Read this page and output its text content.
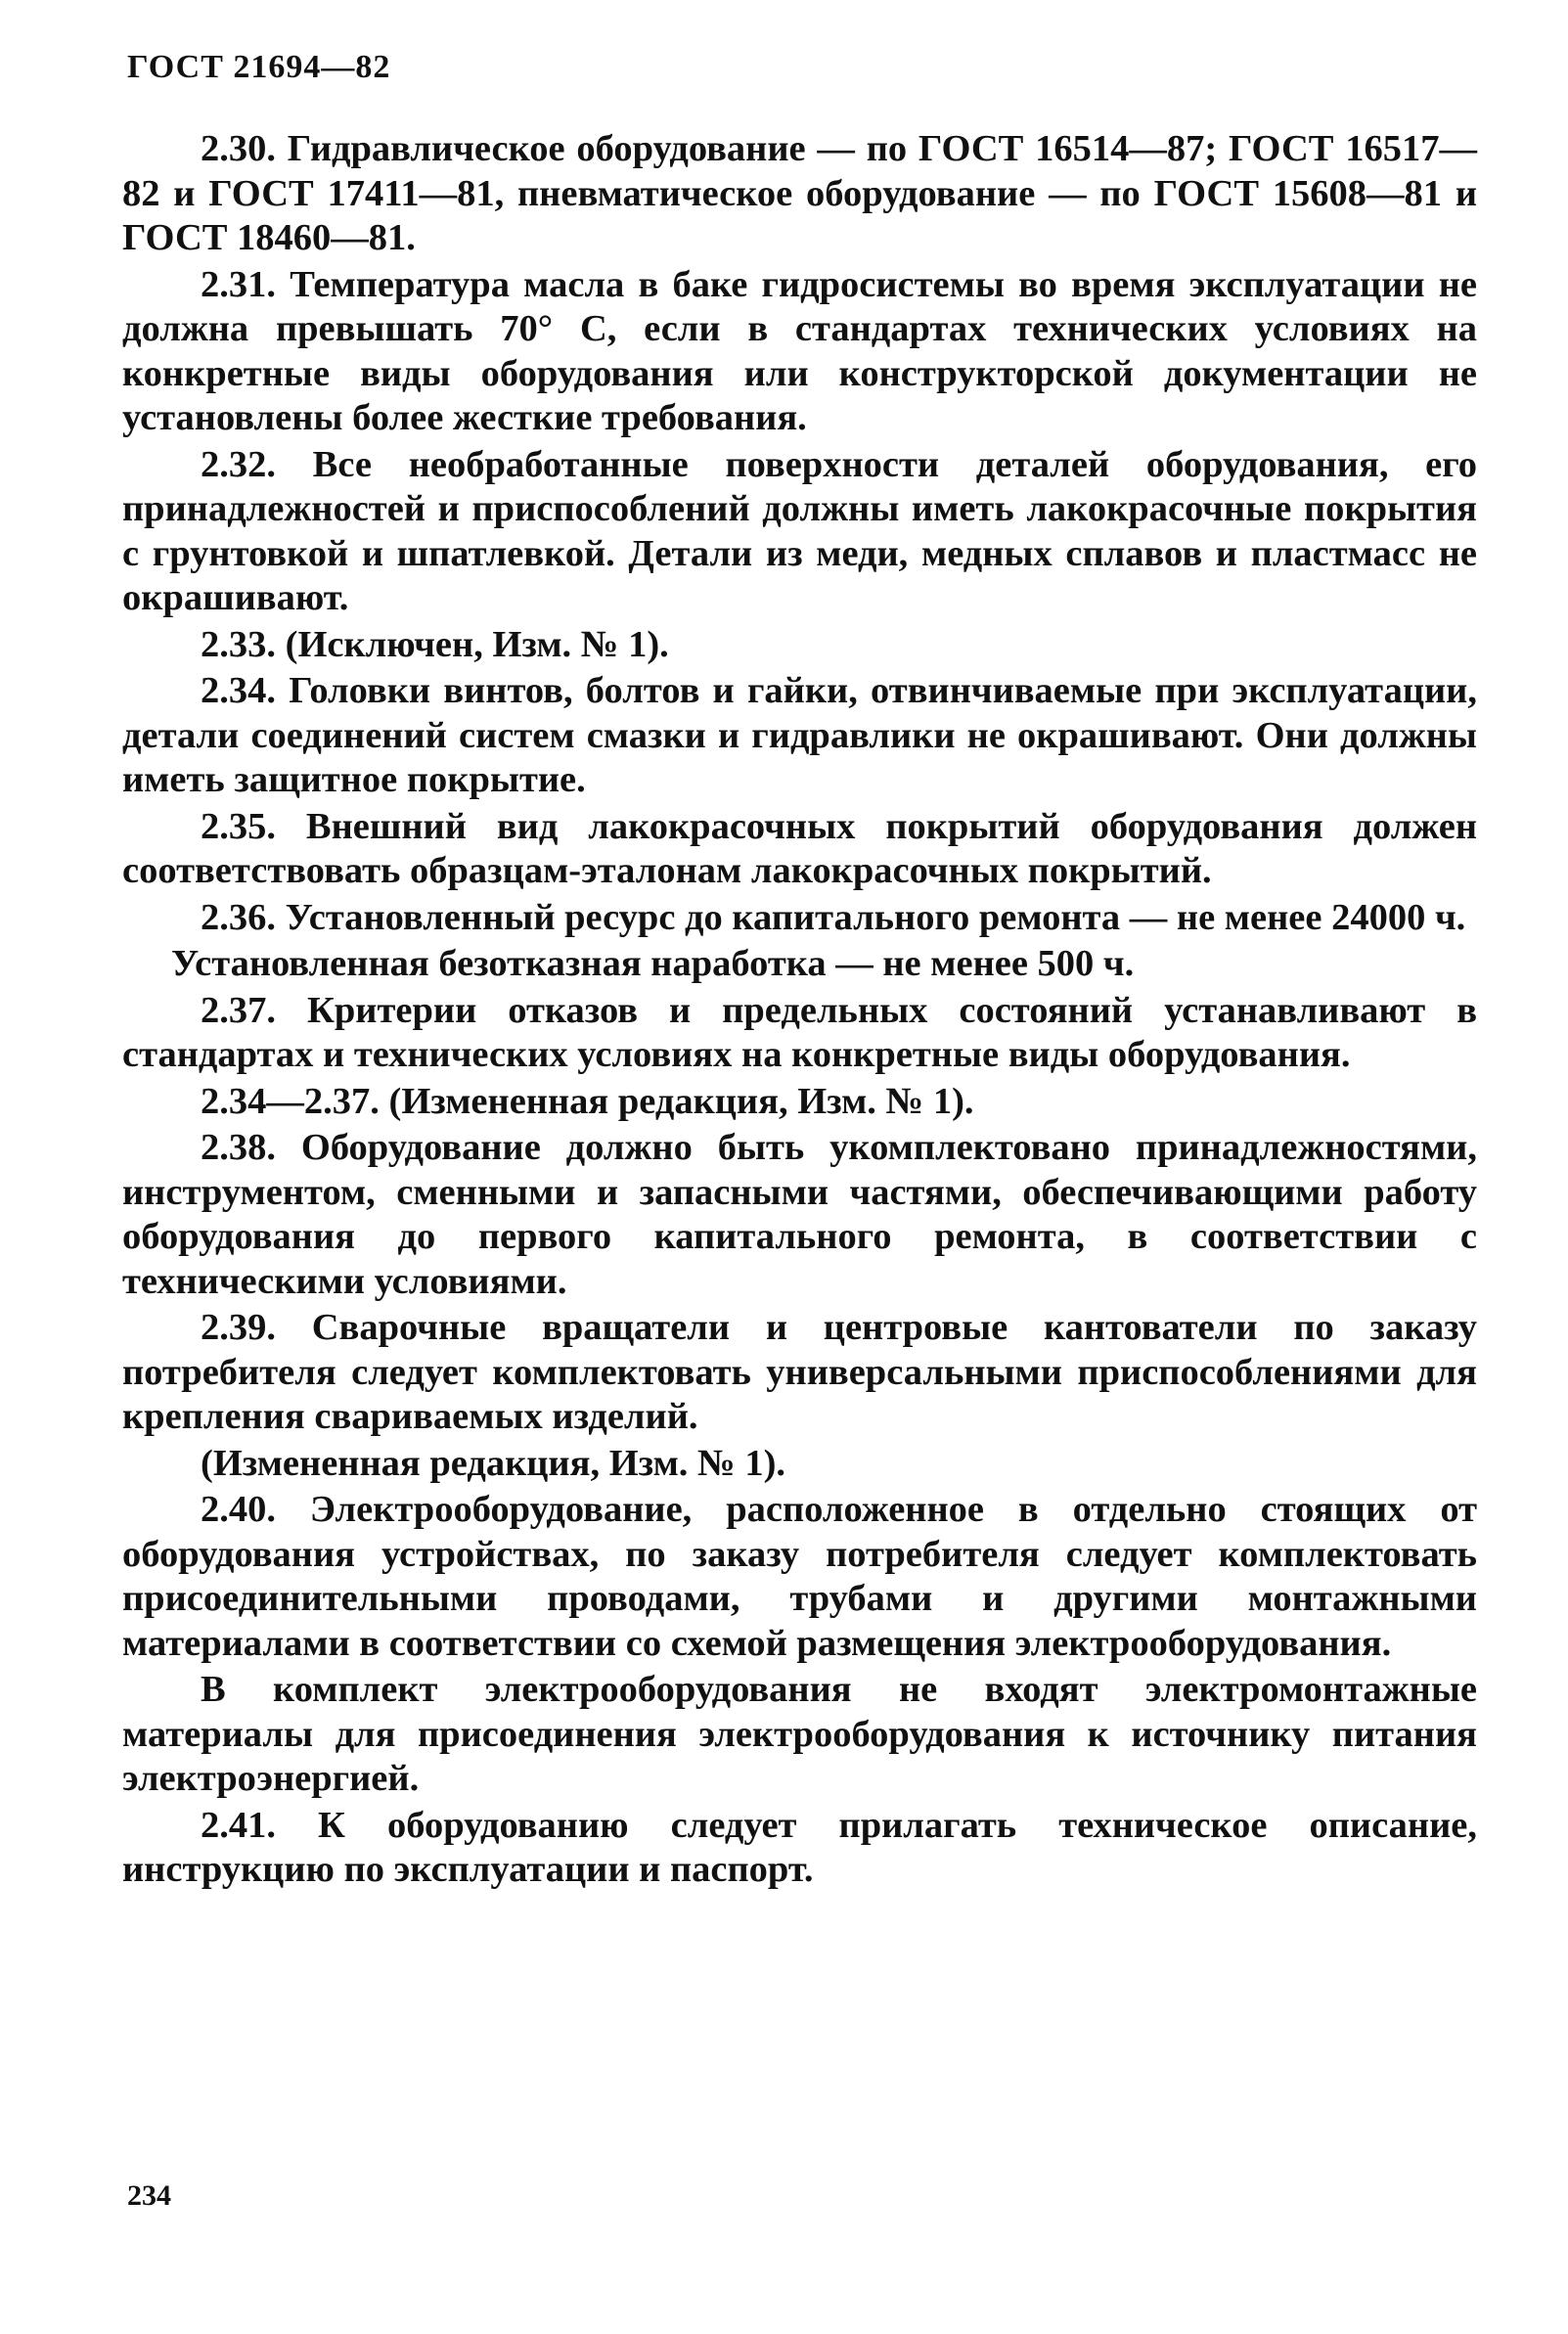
ГОСТ 21694—82

2.30. Гидравлическое оборудование — по ГОСТ 16514—87; ГОСТ 16517—82 и ГОСТ 17411—81, пневматическое оборудование — по ГОСТ 15608—81 и ГОСТ 18460—81.

2.31. Температура масла в баке гидросистемы во время эксплуатации не должна превышать 70° С, если в стандартах технических условиях на конкретные виды оборудования или конструкторской документации не установлены более жесткие требования.

2.32. Все необработанные поверхности деталей оборудования, его принадлежностей и приспособлений должны иметь лакокрасочные покрытия с грунтовкой и шпатлевкой. Детали из меди, медных сплавов и пластмасс не окрашивают.

2.33. (Исключен, Изм. № 1).

2.34. Головки винтов, болтов и гайки, отвинчиваемые при эксплуатации, детали соединений систем смазки и гидравлики не окрашивают. Они должны иметь защитное покрытие.

2.35. Внешний вид лакокрасочных покрытий оборудования должен соответствовать образцам-эталонам лакокрасочных покрытий.

2.36. Установленный ресурс до капитального ремонта — не менее 24000 ч.

Установленная безотказная наработка — не менее 500 ч.

2.37. Критерии отказов и предельных состояний устанавливают в стандартах и технических условиях на конкретные виды оборудования.

2.34—2.37. (Измененная редакция, Изм. № 1).

2.38. Оборудование должно быть укомплектовано принадлежностями, инструментом, сменными и запасными частями, обеспечивающими работу оборудования до первого капитального ремонта, в соответствии с техническими условиями.

2.39. Сварочные вращатели и центровые кантователи по заказу потребителя следует комплектовать универсальными приспособлениями для крепления свариваемых изделий.

(Измененная редакция, Изм. № 1).

2.40. Электрооборудование, расположенное в отдельно стоящих от оборудования устройствах, по заказу потребителя следует комплектовать присоединительными проводами, трубами и другими монтажными материалами в соответствии со схемой размещения электрооборудования.

В комплект электрооборудования не входят электромонтажные материалы для присоединения электрооборудования к источнику питания электроэнергией.

2.41. К оборудованию следует прилагать техническое описание, инструкцию по эксплуатации и паспорт.

234
